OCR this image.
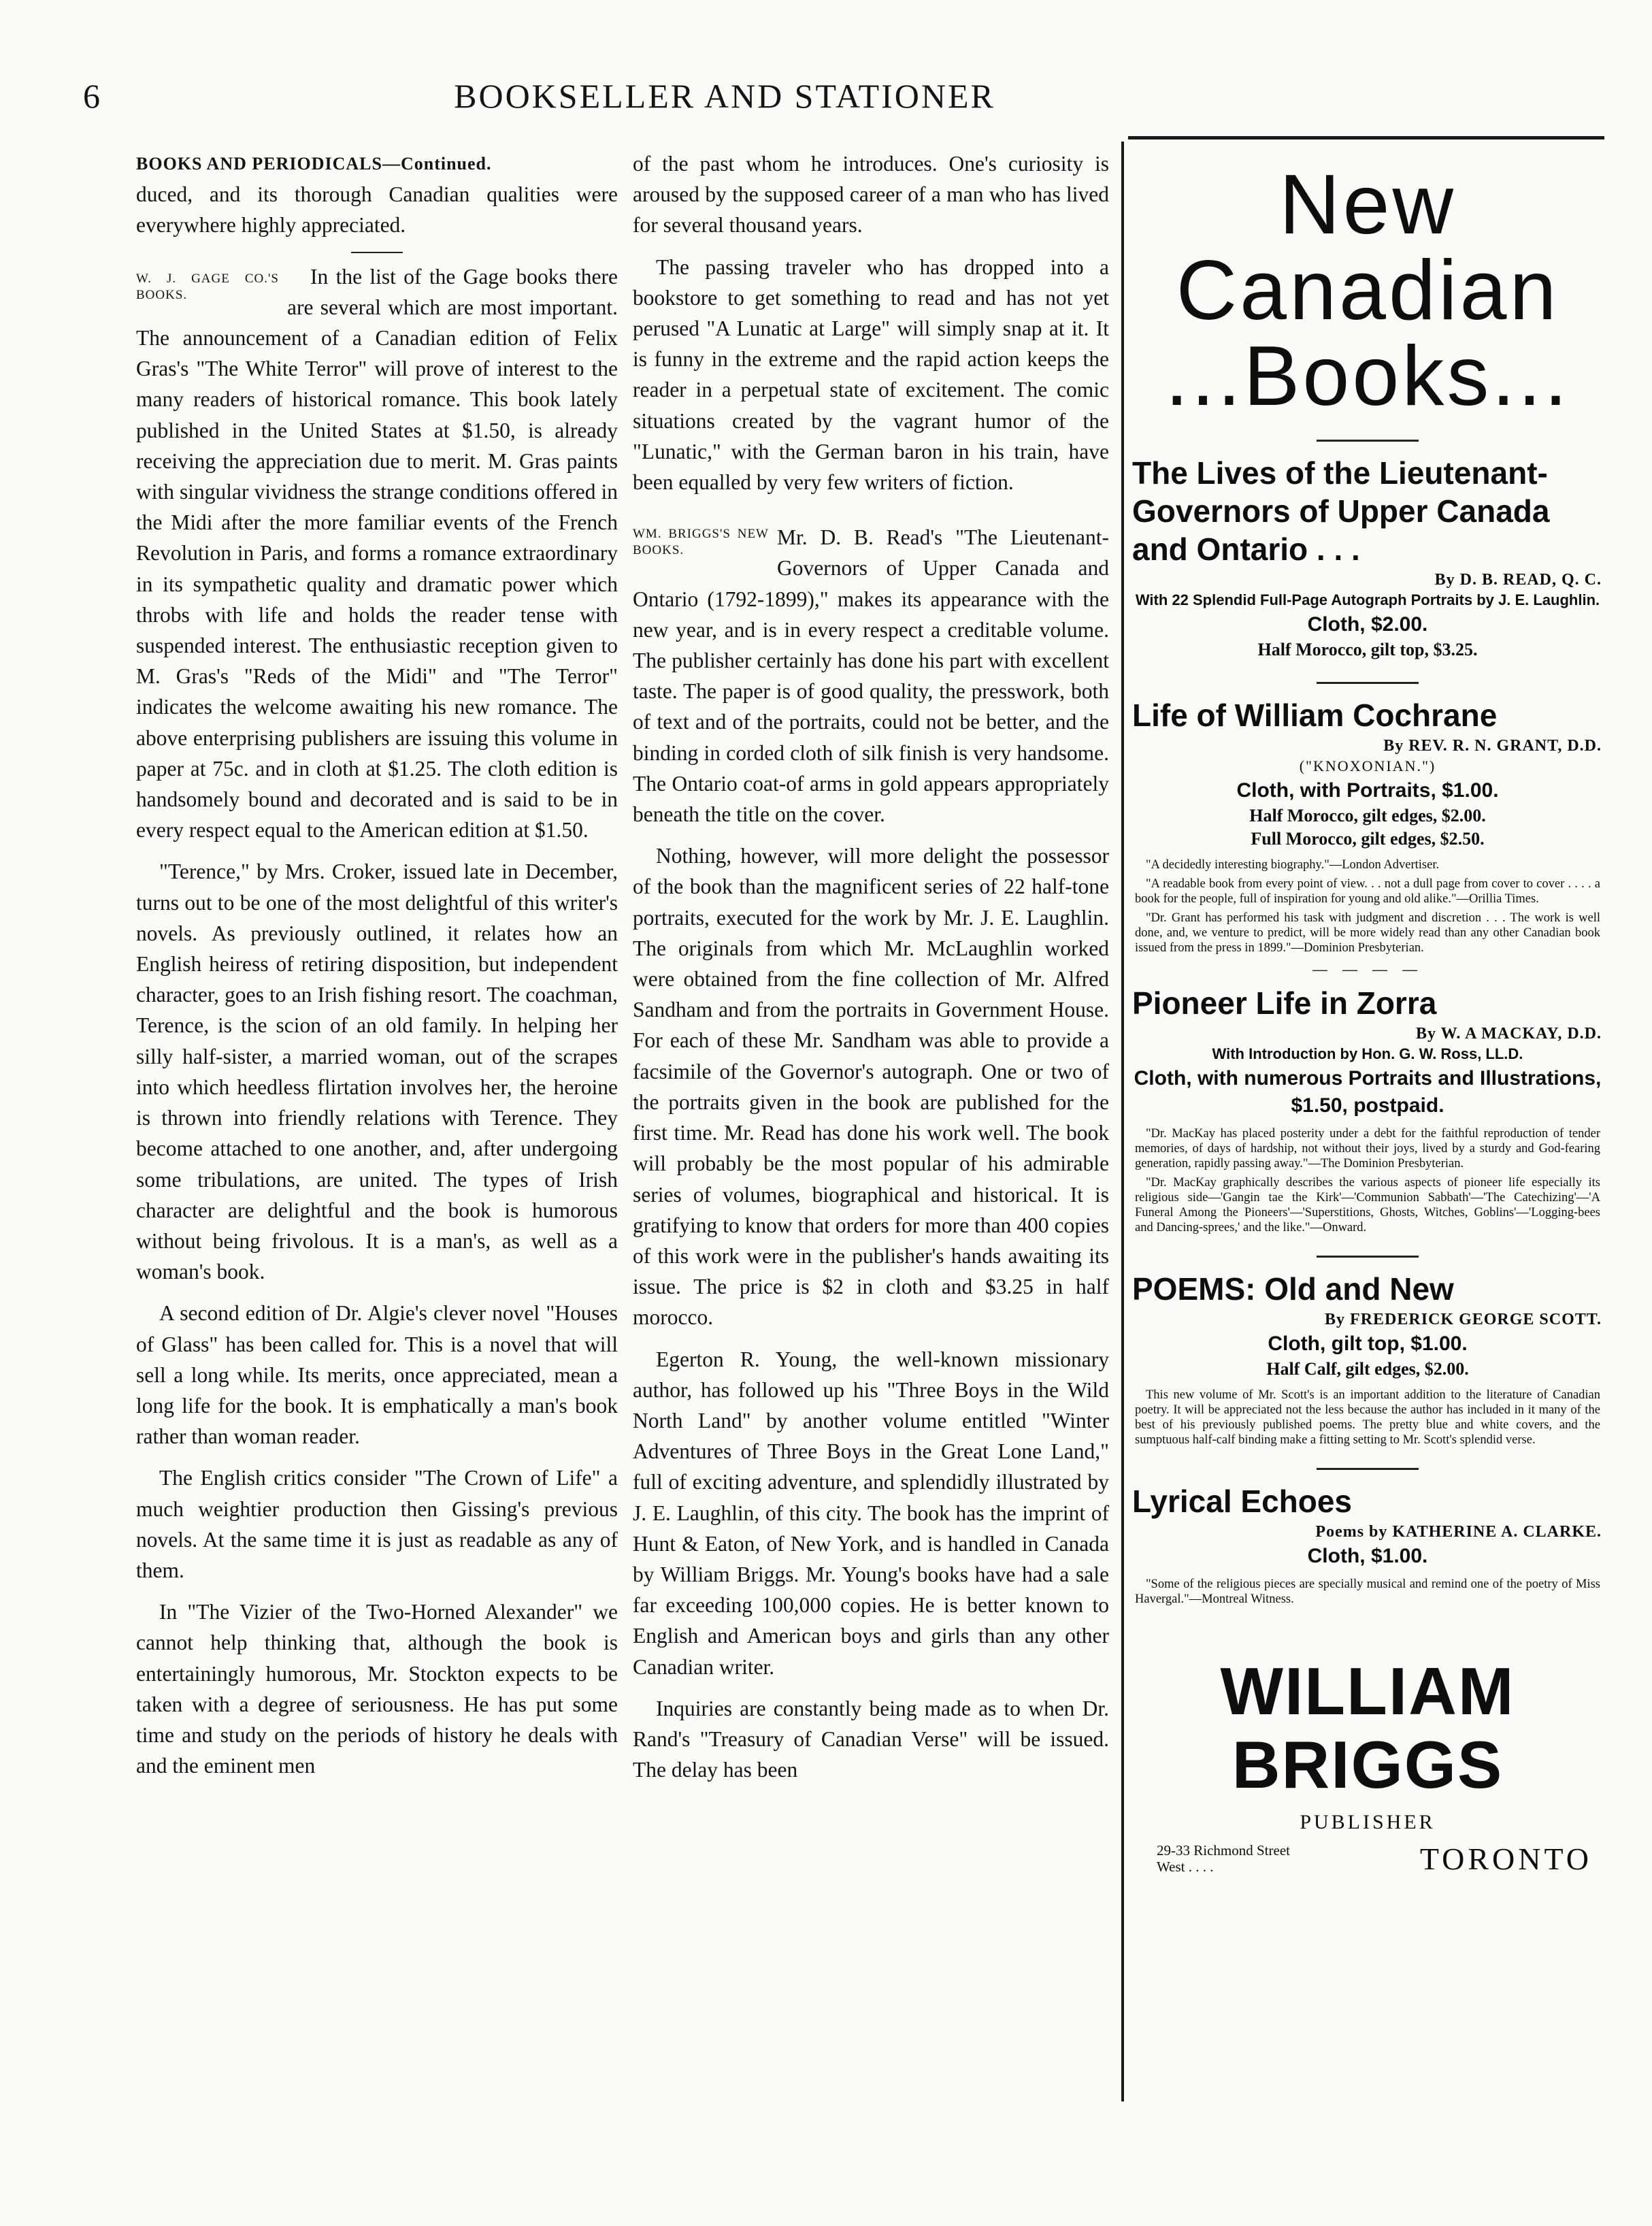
6	BOOKSELLER AND STATIONER
BOOKS AND PERIODICALS—Continued.

duced, and its thorough Canadian qualities were everywhere highly appreciated.

W. J. GAGE CO.'S BOOKS.

In the list of the Gage books there are several which are most important. The announcement of a Canadian edition of Felix Gras's "The White Terror" will prove of interest to the many readers of historical romance. This book lately published in the United States at $1.50, is already receiving the appreciation due to merit. M. Gras paints with singular vividness the strange conditions offered in the Midi after the more familiar events of the French Revolution in Paris, and forms a romance extraordinary in its sympathetic quality and dramatic power which throbs with life and holds the reader tense with suspended interest. The enthusiastic reception given to M. Gras's "Reds of the Midi" and "The Terror" indicates the welcome awaiting his new romance. The above enterprising publishers are issuing this volume in paper at 75c. and in cloth at $1.25. The cloth edition is handsomely bound and decorated and is said to be in every respect equal to the American edition at $1.50.

"Terence," by Mrs. Croker, issued late in December, turns out to be one of the most delightful of this writer's novels. As previously outlined, it relates how an English heiress of retiring disposition, but independent character, goes to an Irish fishing resort. The coachman, Terence, is the scion of an old family. In helping her silly half-sister, a married woman, out of the scrapes into which heedless flirtation involves her, the heroine is thrown into friendly relations with Terence. They become attached to one another, and, after undergoing some tribulations, are united. The types of Irish character are delightful and the book is humorous without being frivolous. It is a man's, as well as a woman's book.

A second edition of Dr. Algie's clever novel "Houses of Glass" has been called for. This is a novel that will sell a long while. Its merits, once appreciated, mean a long life for the book. It is emphatically a man's book rather than woman reader.

The English critics consider "The Crown of Life" a much weightier production then Gissing's previous novels. At the same time it is just as readable as any of them.

In "The Vizier of the Two-Horned Alexander" we cannot help thinking that, although the book is entertainingly humorous, Mr. Stockton expects to be taken with a degree of seriousness. He has put some time and study on the periods of history he deals with and the eminent men

of the past whom he introduces. One's curiosity is aroused by the supposed career of a man who has lived for several thousand years.

The passing traveler who has dropped into a bookstore to get something to read and has not yet perused "A Lunatic at Large" will simply snap at it. It is funny in the extreme and the rapid action keeps the reader in a perpetual state of excitement. The comic situations created by the vagrant humor of the "Lunatic," with the German baron in his train, have been equalled by very few writers of fiction.

WM. BRIGGS'S NEW BOOKS.

Mr. D. B. Read's "The Lieutenant-Governors of Upper Canada and Ontario (1792-1899)," makes its appearance with the new year, and is in every respect a creditable volume. The publisher certainly has done his part with excellent taste. The paper is of good quality, the presswork, both of text and of the portraits, could not be better, and the binding in corded cloth of silk finish is very handsome. The Ontario coat-of arms in gold appears appropriately beneath the title on the cover.

Nothing, however, will more delight the possessor of the book than the magnificent series of 22 half-tone portraits, executed for the work by Mr. J. E. Laughlin. The originals from which Mr. McLaughlin worked were obtained from the fine collection of Mr. Alfred Sandham and from the portraits in Government House. For each of these Mr. Sandham was able to provide a facsimile of the Governor's autograph. One or two of the portraits given in the book are published for the first time. Mr. Read has done his work well. The book will probably be the most popular of his admirable series of volumes, biographical and historical. It is gratifying to know that orders for more than 400 copies of this work were in the publisher's hands awaiting its issue. The price is $2 in cloth and $3.25 in half morocco.

Egerton R. Young, the well-known missionary author, has followed up his "Three Boys in the Wild North Land" by another volume entitled "Winter Adventures of Three Boys in the Great Lone Land," full of exciting adventure, and splendidly illustrated by J. E. Laughlin, of this city. The book has the imprint of Hunt & Eaton, of New York, and is handled in Canada by William Briggs. Mr. Young's books have had a sale far exceeding 100,000 copies. He is better known to English and American boys and girls than any other Canadian writer.

Inquiries are constantly being made as to when Dr. Rand's "Treasury of Canadian Verse" will be issued. The delay has been

New
Canadian
...Books...
The Lives of the Lieutenant-Governors of Upper Canada and Ontario . . .
By D. B. READ, Q. C.
With 22 Splendid Full-Page Autograph Portraits by J. E. Laughlin.
Cloth, $2.00.
Half Morocco, gilt top, $3.25.
Life of William Cochrane
By REV. R. N. GRANT, D.D.
("KNOXONIAN.")
Cloth, with Portraits, $1.00.
Half Morocco, gilt edges, $2.00.
Full Morocco, gilt edges, $2.50.

"A decidedly interesting biography."—London Advertiser.

"A readable book from every point of view. . . not a dull page from cover to cover . . . . a book for the people, full of inspiration for young and old alike."—Orillia Times.

"Dr. Grant has performed his task with judgment and discretion . . . The work is well done, and, we venture to predict, will be more widely read than any other Canadian book issued from the press in 1899."—Dominion Presbyterian.

— — — —
Pioneer Life in Zorra
By W. A MACKAY, D.D.
With Introduction by Hon. G. W. Ross, LL.D.
Cloth, with numerous Portraits and Illustrations, $1.50, postpaid.

"Dr. MacKay has placed posterity under a debt for the faithful reproduction of tender memories, of days of hardship, not without their joys, lived by a sturdy and God-fearing generation, rapidly passing away."—The Dominion Presbyterian.

"Dr. MacKay graphically describes the various aspects of pioneer life especially its religious side—'Gangin tae the Kirk'—'Communion Sabbath'—'The Catechizing'—'A Funeral Among the Pioneers'—'Superstitions, Ghosts, Witches, Goblins'—'Logging-bees and Dancing-sprees,' and the like."—Onward.

POEMS: Old and New
By FREDERICK GEORGE SCOTT.
Cloth, gilt top, $1.00.
Half Calf, gilt edges, $2.00.

This new volume of Mr. Scott's is an important addition to the literature of Canadian poetry. It will be appreciated not the less because the author has included in it many of the best of his previously published poems. The pretty blue and white covers, and the sumptuous half-calf binding make a fitting setting to Mr. Scott's splendid verse.

Lyrical Echoes
Poems by KATHERINE A. CLARKE.
Cloth, $1.00.

"Some of the religious pieces are specially musical and remind one of the poetry of Miss Havergal."—Montreal Witness.

WILLIAM BRIGGS
PUBLISHER
29-33 Richmond Street West . . . .	TORONTO
